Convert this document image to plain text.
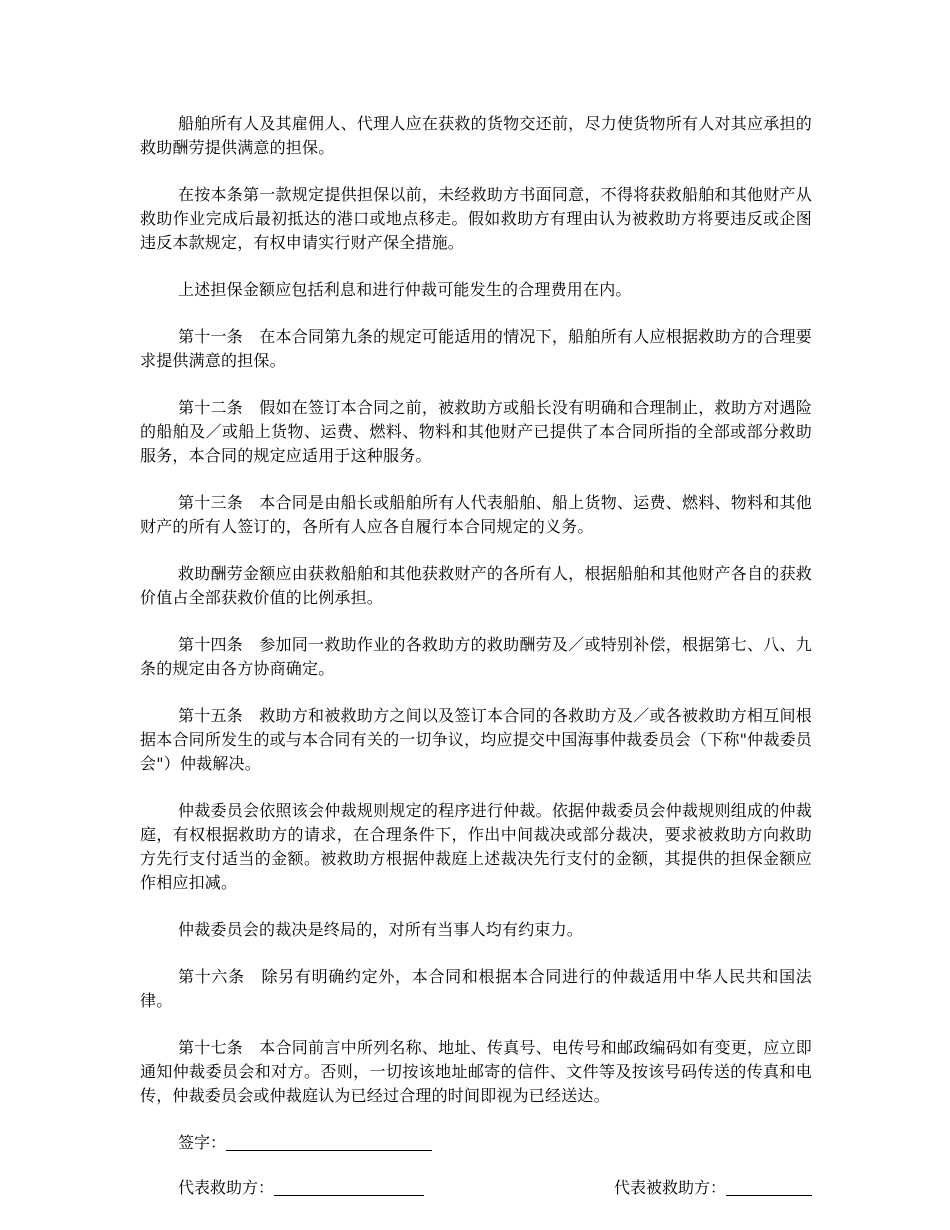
船舶所有人及其雇佣人、代理人应在获救的货物交还前，尽力使货物所有人对其应承担的救助酬劳提供满意的担保。

在按本条第一款规定提供担保以前，未经救助方书面同意，不得将获救船舶和其他财产从救助作业完成后最初抵达的港口或地点移走。假如救助方有理由认为被救助方将要违反或企图违反本款规定，有权申请实行财产保全措施。

上述担保金额应包括利息和进行仲裁可能发生的合理费用在内。

第十一条　在本合同第九条的规定可能适用的情况下，船舶所有人应根据救助方的合理要求提供满意的担保。

第十二条　假如在签订本合同之前，被救助方或船长没有明确和合理制止，救助方对遇险的船舶及／或船上货物、运费、燃料、物料和其他财产已提供了本合同所指的全部或部分救助服务，本合同的规定应适用于这种服务。

第十三条　本合同是由船长或船舶所有人代表船舶、船上货物、运费、燃料、物料和其他财产的所有人签订的，各所有人应各自履行本合同规定的义务。

救助酬劳金额应由获救船舶和其他获救财产的各所有人，根据船舶和其他财产各自的获救价值占全部获救价值的比例承担。

第十四条　参加同一救助作业的各救助方的救助酬劳及／或特别补偿，根据第七、八、九条的规定由各方协商确定。

第十五条　救助方和被救助方之间以及签订本合同的各救助方及／或各被救助方相互间根据本合同所发生的或与本合同有关的一切争议，均应提交中国海事仲裁委员会（下称"仲裁委员会"）仲裁解决。

仲裁委员会依照该会仲裁规则规定的程序进行仲裁。依据仲裁委员会仲裁规则组成的仲裁庭，有权根据救助方的请求，在合理条件下，作出中间裁决或部分裁决，要求被救助方向救助方先行支付适当的金额。被救助方根据仲裁庭上述裁决先行支付的金额，其提供的担保金额应作相应扣减。

仲裁委员会的裁决是终局的，对所有当事人均有约束力。

第十六条　除另有明确约定外，本合同和根据本合同进行的仲裁适用中华人民共和国法律。

第十七条　本合同前言中所列名称、地址、传真号、电传号和邮政编码如有变更，应立即通知仲裁委员会和对方。否则，一切按该地址邮寄的信件、文件等及按该号码传送的传真和电传，仲裁委员会或仲裁庭认为已经过合理的时间即视为已经送达。

签字：
代表救助方：	代表被救助方：
